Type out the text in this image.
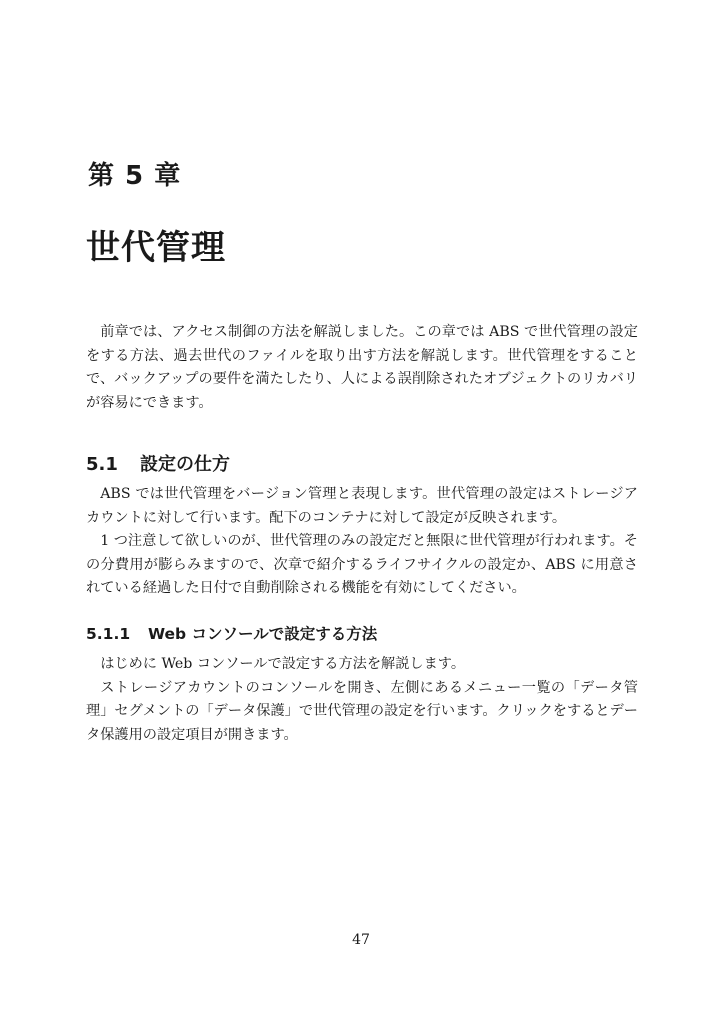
第 5 章
世代管理

前章では、アクセス制御の方法を解説しました。この章では ABS で世代管理の設定をする方法、過去世代のファイルを取り出す方法を解説します。世代管理をすることで、バックアップの要件を満たしたり、人による誤削除されたオブジェクトのリカバリが容易にできます。

5.1 設定の仕方

ABS では世代管理をバージョン管理と表現します。世代管理の設定はストレージアカウントに対して行います。配下のコンテナに対して設定が反映されます。

1 つ注意して欲しいのが、世代管理のみの設定だと無限に世代管理が行われます。その分費用が膨らみますので、次章で紹介するライフサイクルの設定か、ABS に用意されている経過した日付で自動削除される機能を有効にしてください。

5.1.1 Web コンソールで設定する方法

はじめに Web コンソールで設定する方法を解説します。

ストレージアカウントのコンソールを開き、左側にあるメニュー一覧の「データ管理」セグメントの「データ保護」で世代管理の設定を行います。クリックをするとデータ保護用の設定項目が開きます。

47
